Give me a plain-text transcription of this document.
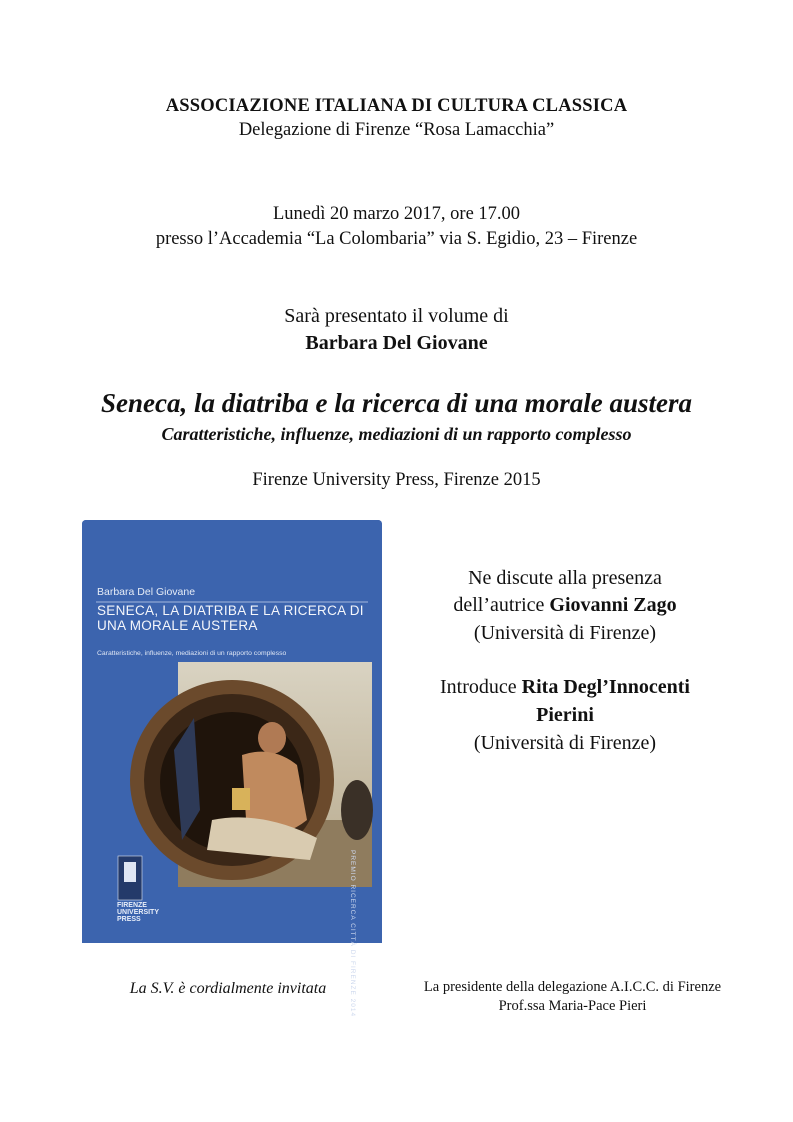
ASSOCIAZIONE ITALIANA DI CULTURA CLASSICA
Delegazione di Firenze “Rosa Lamacchia”
Lunedì 20 marzo 2017, ore 17.00
presso l’Accademia “La Colombaria” via S. Egidio, 23 – Firenze
Sarà presentato il volume di
Barbara Del Giovane
Seneca, la diatriba e la ricerca di una morale austera
Caratteristiche, influenze, mediazioni di un rapporto complesso
Firenze University Press, Firenze 2015
Barbara Del Giovane
SENECA, LA DIATRIBA E LA RICERCA DI UNA MORALE AUSTERA
Caratteristiche, influenze, mediazioni di un rapporto complesso
PREMIO RICERCA CITTÀ DI FIRENZE 2014
FIRENZE UNIVERSITY PRESS
Ne discute alla presenza
dell’autrice Giovanni Zago
(Università di Firenze)
Introduce Rita Degl’Innocenti
Pierini
(Università di Firenze)
La S.V. è cordialmente invitata	La presidente della delegazione A.I.C.C. di Firenze
Prof.ssa Maria-Pace Pieri
